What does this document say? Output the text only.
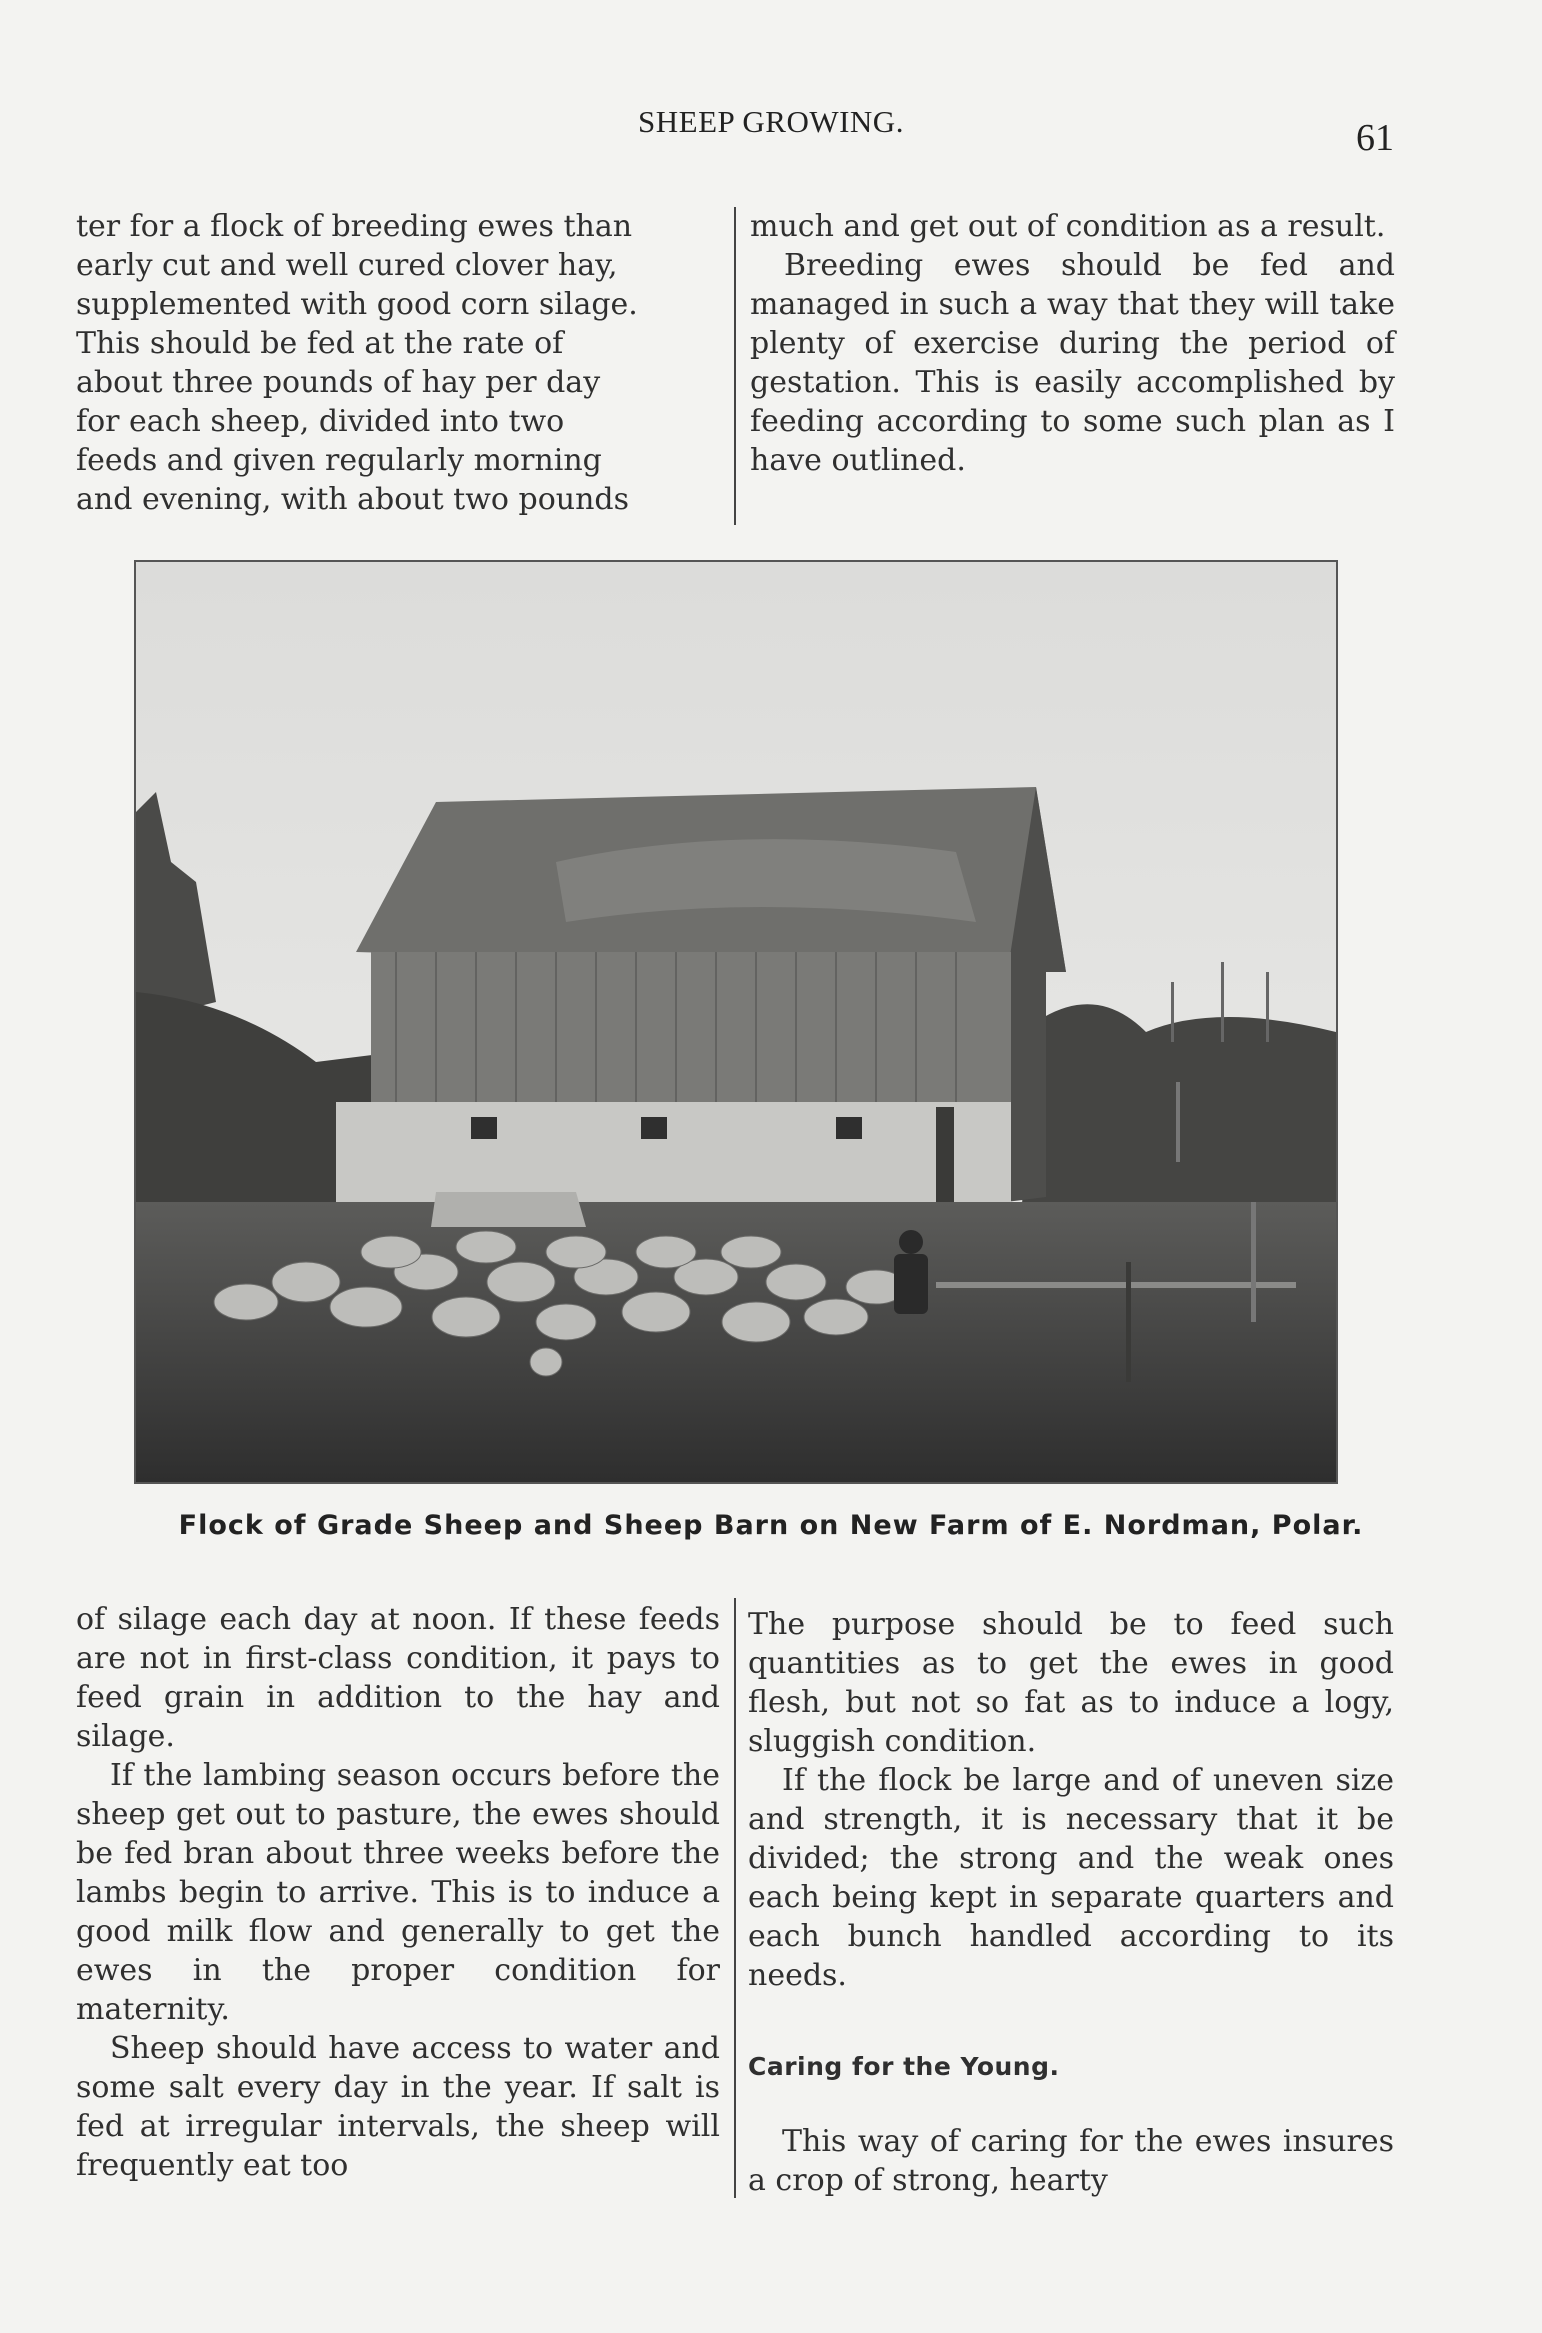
SHEEP GROWING.	61

ter for a flock of breeding ewes than

early cut and well cured clover hay,

supplemented with good corn silage.

This should be fed at the rate of

about three pounds of hay per day

for each sheep, divided into two

feeds and given regularly morning

and evening, with about two pounds

much and get out of condition as a result.

Breeding ewes should be fed and managed in such a way that they will take plenty of exercise during the period of gestation. This is easily accomplished by feeding according to some such plan as I have outlined.

Flock of Grade Sheep and Sheep Barn on New Farm of E. Nordman, Polar.

of silage each day at noon. If these feeds are not in first-class condition, it pays to feed grain in addition to the hay and silage.

If the lambing season occurs before the sheep get out to pasture, the ewes should be fed bran about three weeks before the lambs begin to arrive. This is to induce a good milk flow and generally to get the ewes in the proper condition for maternity.

Sheep should have access to water and some salt every day in the year. If salt is fed at irregular intervals, the sheep will frequently eat too

The purpose should be to feed such quantities as to get the ewes in good flesh, but not so fat as to induce a logy, sluggish condition.

If the flock be large and of uneven size and strength, it is necessary that it be divided; the strong and the weak ones each being kept in separate quarters and each bunch handled according to its needs.

Caring for the Young.

This way of caring for the ewes insures a crop of strong, hearty
